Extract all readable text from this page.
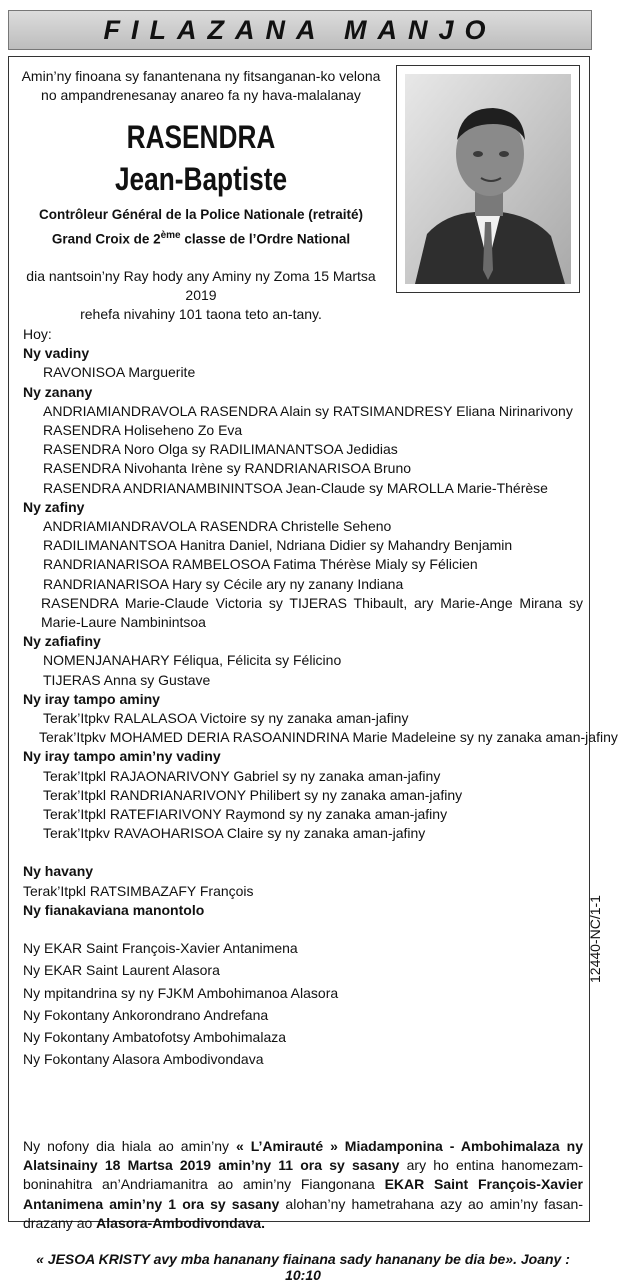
FILAZANA MANJO
Amin’ny finoana sy fanantenana ny fitsanganan-ko velona
no ampandrenesanay anareo fa ny hava-malalanay
RASENDRA
Jean-Baptiste
Contrôleur Général de la Police Nationale (retraité)
Grand Croix de 2ème classe de l’Ordre National
dia nantsoin’ny Ray hody any Aminy ny Zoma 15 Martsa 2019
rehefa nivahiny 101 taona teto an-tany.
Hoy:
Ny vadiny
RAVONISOA Marguerite
Ny zanany
ANDRIAMIANDRAVOLA RASENDRA Alain sy RATSIMANDRESY Eliana Nirinarivony
RASENDRA Holiseheno Zo Eva
RASENDRA Noro Olga sy RADILIMANANTSOA Jedidias
RASENDRA Nivohanta Irène sy RANDRIANARISOA Bruno
RASENDRA ANDRIANAMBININTSOA Jean-Claude sy MAROLLA Marie-Thérèse
Ny zafiny
ANDRIAMIANDRAVOLA RASENDRA Christelle Seheno
RADILIMANANTSOA Hanitra Daniel, Ndriana Didier sy Mahandry Benjamin
RANDRIANARISOA RAMBELOSOA Fatima Thérèse Mialy sy Félicien
RANDRIANARISOA Hary sy Cécile ary ny zanany Indiana
RASENDRA Marie-Claude Victoria sy TIJERAS Thibault, ary Marie-Ange Mirana sy Marie-Laure Nambinintsoa
Ny zafiafiny
NOMENJANAHARY Féliqua, Félicita sy Félicino
TIJERAS Anna sy Gustave
Ny iray tampo aminy
Terak’Itpkv RALALASOA Victoire sy ny zanaka aman-jafiny
Terak’Itpkv MOHAMED DERIA RASOANINDRINA Marie Madeleine sy ny zanaka aman-jafiny
Ny iray tampo amin’ny vadiny
Terak’Itpkl RAJAONARIVONY Gabriel sy ny zanaka aman-jafiny
Terak’Itpkl RANDRIANARIVONY Philibert sy ny zanaka aman-jafiny
Terak’Itpkl RATEFIARIVONY Raymond sy ny zanaka aman-jafiny
Terak’Itpkv RAVAOHARISOA Claire sy ny zanaka aman-jafiny
Ny havany
Terak’Itpkl RATSIMBAZAFY François
Ny fianakaviana manontolo
Ny EKAR Saint François-Xavier Antanimena
Ny EKAR Saint Laurent Alasora
Ny mpitandrina sy ny FJKM Ambohimanoa Alasora
Ny Fokontany Ankorondrano Andrefana
Ny Fokontany Ambatofotsy Ambohimalaza
Ny Fokontany Alasora Ambodivondava
12440-NC/1-1
Ny nofony dia hiala ao amin’ny « L’Amirauté » Miadamponina - Ambohimalaza ny Alatsinainy 18 Martsa 2019 amin’ny 11 ora sy sasany ary ho entina hanomezam-boninahitra an’Andriamanitra ao amin’ny Fiangonana EKAR Saint François-Xavier Antanimena amin’ny 1 ora sy sasany alohan’ny hametrahana azy ao amin’ny fasan-drazany ao Alasora-Ambodivondava.
« JESOA KRISTY avy mba hananany fiainana sady hananany be dia be». Joany : 10:10
